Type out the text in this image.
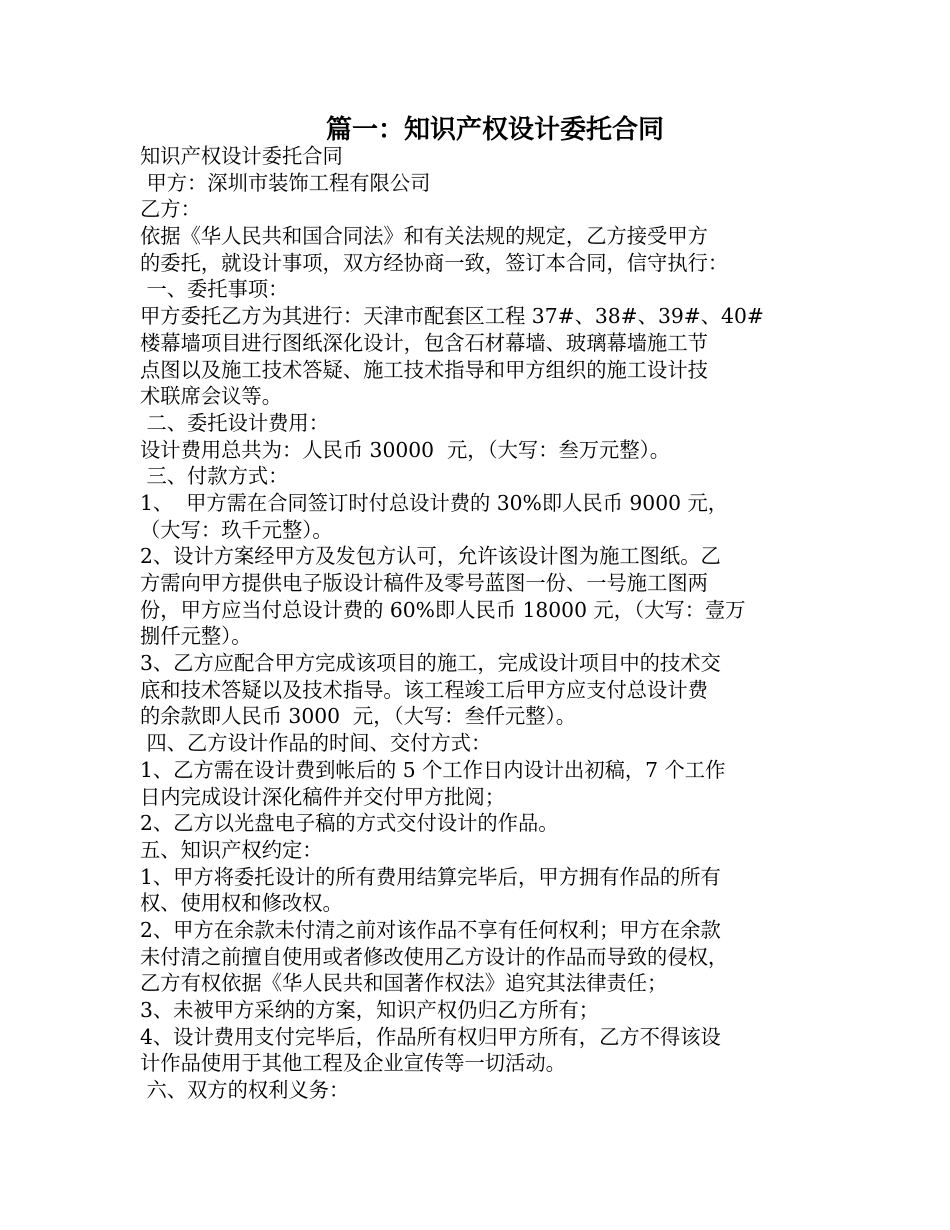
篇一：知识产权设计委托合同
知识产权设计委托合同
甲方：深圳市装饰工程有限公司
乙方：
依据《华人民共和国合同法》和有关法规的规定，乙方接受甲方
的委托，就设计事项，双方经协商一致，签订本合同，信守执行：
一、委托事项：
甲方委托乙方为其进行：天津市配套区工程 37#、38#、39#、40#
楼幕墙项目进行图纸深化设计，包含石材幕墙、玻璃幕墙施工节
点图以及施工技术答疑、施工技术指导和甲方组织的施工设计技
术联席会议等。
二、委托设计费用：
设计费用总共为：人民币 30000  元，（大写：叁万元整）。
三、付款方式：
1、  甲方需在合同签订时付总设计费的 30%即人民币 9000 元，
（大写：玖千元整）。
2、设计方案经甲方及发包方认可，允许该设计图为施工图纸。乙
方需向甲方提供电子版设计稿件及零号蓝图一份、一号施工图两
份，甲方应当付总设计费的 60%即人民币 18000 元，（大写：壹万
捌仟元整）。
3、乙方应配合甲方完成该项目的施工，完成设计项目中的技术交
底和技术答疑以及技术指导。该工程竣工后甲方应支付总设计费
的余款即人民币 3000  元，（大写：叁仟元整）。
四、乙方设计作品的时间、交付方式：
1、乙方需在设计费到帐后的 5 个工作日内设计出初稿，7 个工作
日内完成设计深化稿件并交付甲方批阅；
2、乙方以光盘电子稿的方式交付设计的作品。
五、知识产权约定：
1、甲方将委托设计的所有费用结算完毕后，甲方拥有作品的所有
权、使用权和修改权。
2、甲方在余款未付清之前对该作品不享有任何权利；甲方在余款
未付清之前擅自使用或者修改使用乙方设计的作品而导致的侵权，
乙方有权依据《华人民共和国著作权法》追究其法律责任；
3、未被甲方采纳的方案，知识产权仍归乙方所有；
4、设计费用支付完毕后，作品所有权归甲方所有，乙方不得该设
计作品使用于其他工程及企业宣传等一切活动。
六、双方的权利义务：
